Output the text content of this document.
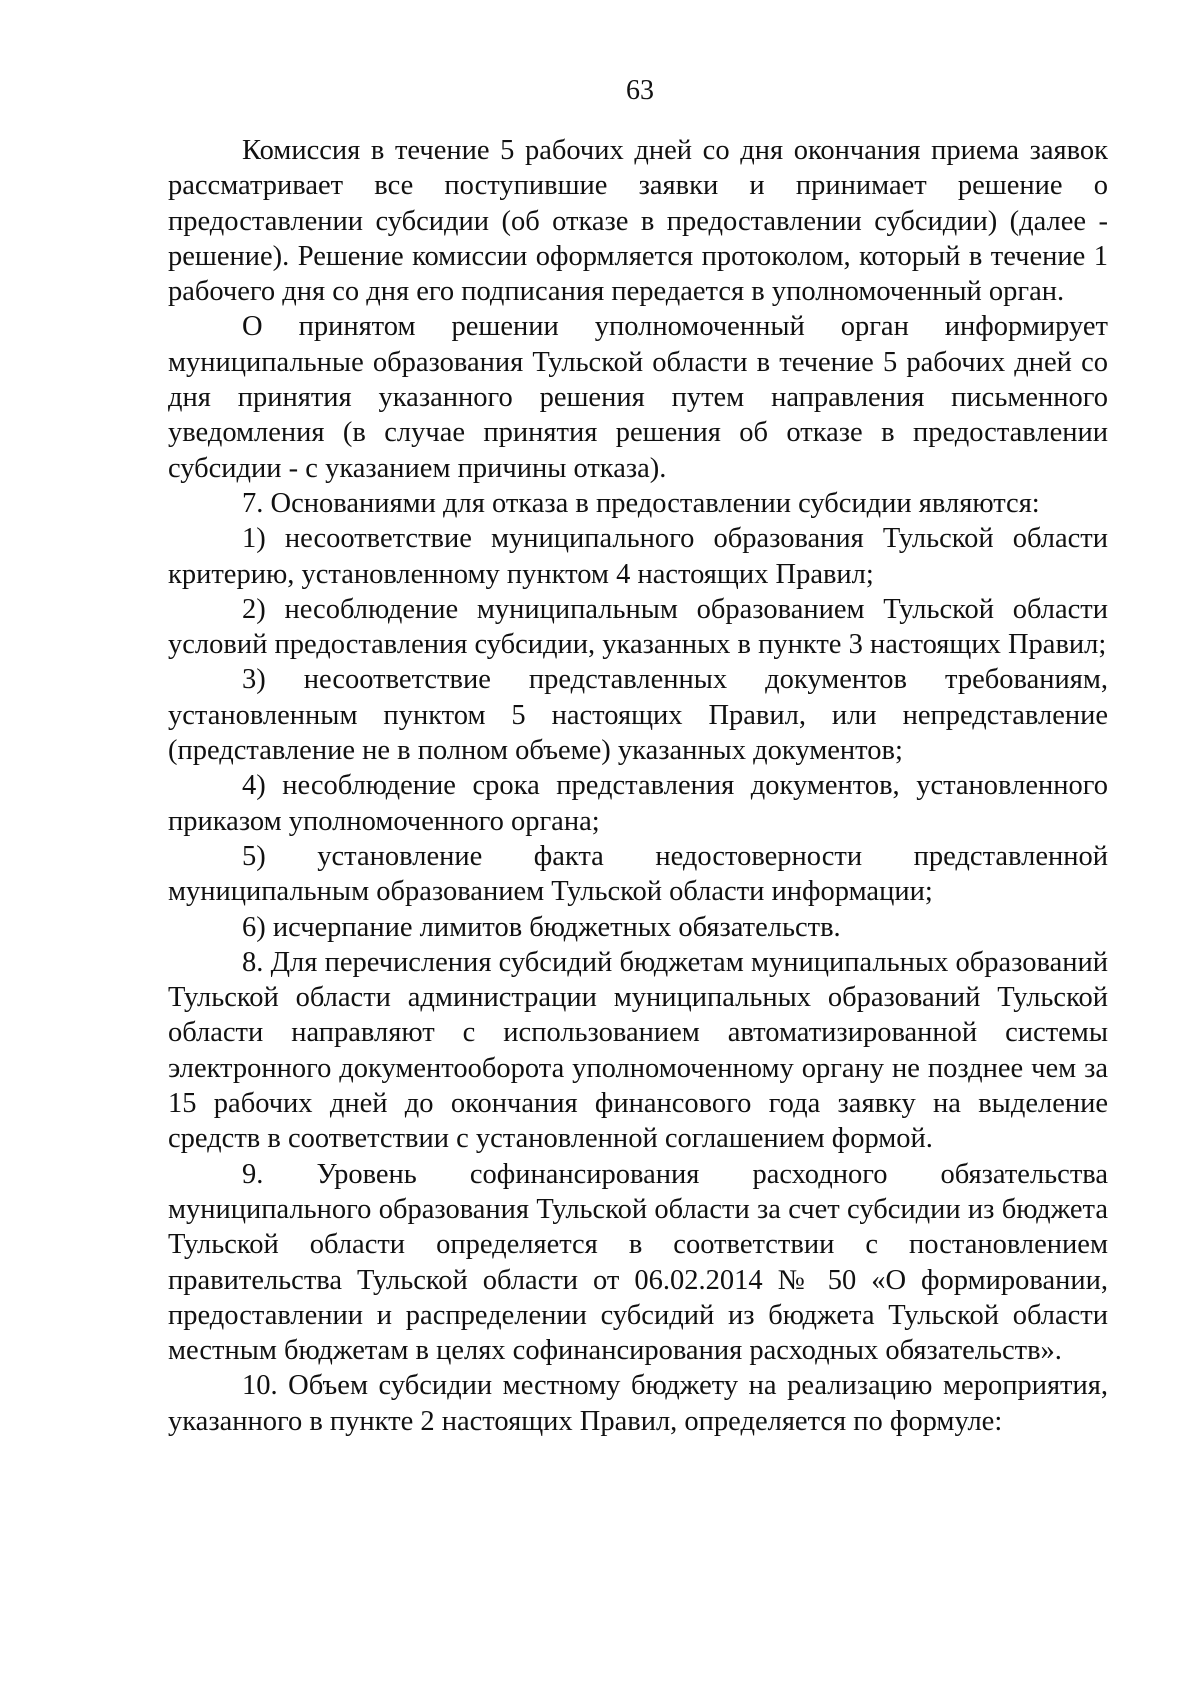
63

Комиссия в течение 5 рабочих дней со дня окончания приема заявок рассматривает все поступившие заявки и принимает решение о предоставлении субсидии (об отказе в предоставлении субсидии) (далее - решение). Решение комиссии оформляется протоколом, который в течение 1 рабочего дня со дня его подписания передается в уполномоченный орган.

О принятом решении уполномоченный орган информирует муниципальные образования Тульской области в течение 5 рабочих дней со дня принятия указанного решения путем направления письменного уведомления (в случае принятия решения об отказе в предоставлении субсидии - с указанием причины отказа).

7. Основаниями для отказа в предоставлении субсидии являются:

1) несоответствие муниципального образования Тульской области критерию, установленному пунктом 4 настоящих Правил;

2) несоблюдение муниципальным образованием Тульской области условий предоставления субсидии, указанных в пункте 3 настоящих Правил;

3) несоответствие представленных документов требованиям, установленным пунктом 5 настоящих Правил, или непредставление (представление не в полном объеме) указанных документов;

4) несоблюдение срока представления документов, установленного приказом уполномоченного органа;

5) установление факта недостоверности представленной муниципальным образованием Тульской области информации;

6) исчерпание лимитов бюджетных обязательств.

8. Для перечисления субсидий бюджетам муниципальных образований Тульской области администрации муниципальных образований Тульской области направляют с использованием автоматизированной системы электронного документооборота уполномоченному органу не позднее чем за 15 рабочих дней до окончания финансового года заявку на выделение средств в соответствии с установленной соглашением формой.

9. Уровень софинансирования расходного обязательства муниципального образования Тульской области за счет субсидии из бюджета Тульской области определяется в соответствии с постановлением правительства Тульской области от 06.02.2014 № 50 «О формировании, предоставлении и распределении субсидий из бюджета Тульской области местным бюджетам в целях софинансирования расходных обязательств».

10. Объем субсидии местному бюджету на реализацию мероприятия, указанного в пункте 2 настоящих Правил, определяется по формуле:
